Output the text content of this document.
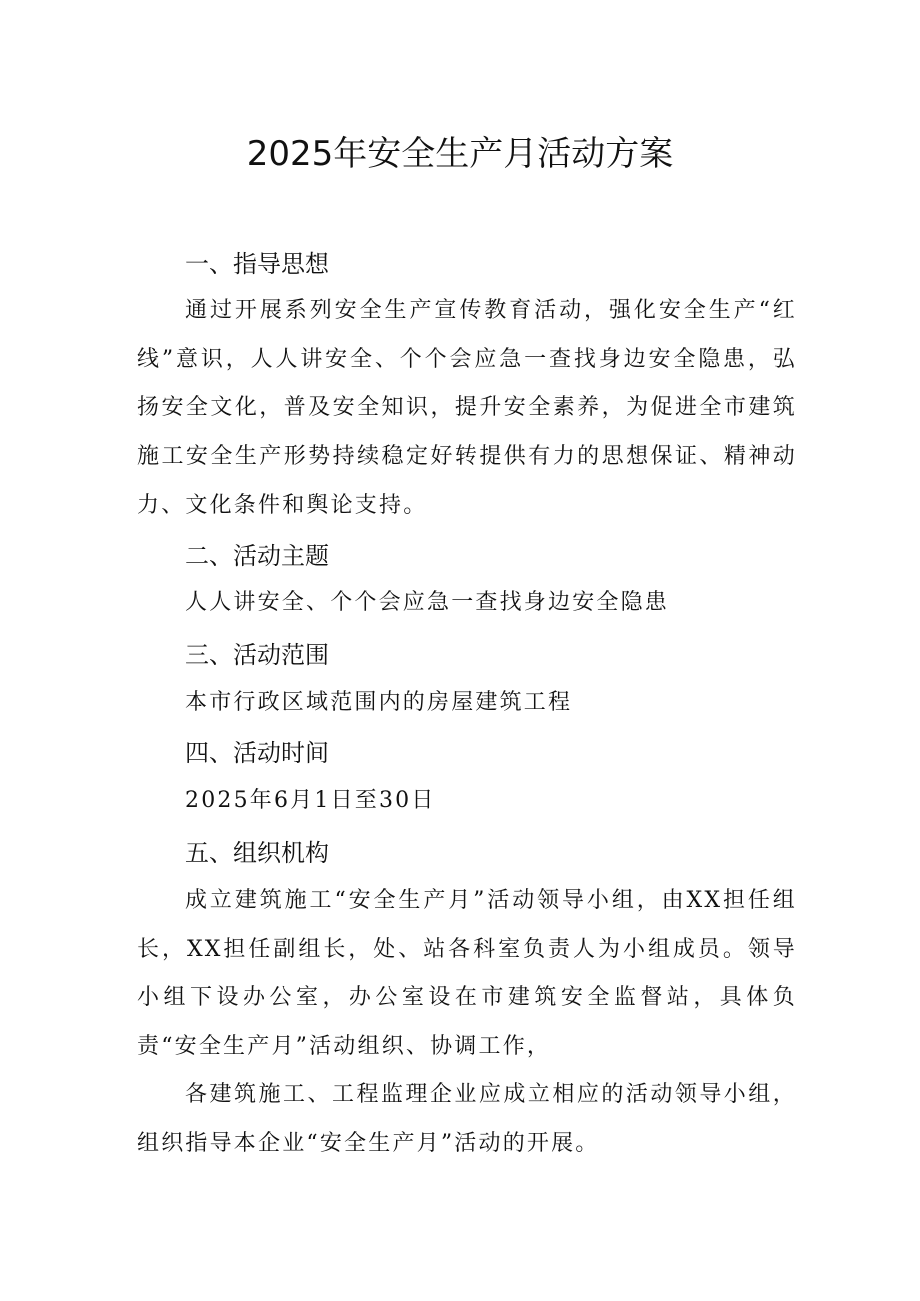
2025年安全生产月活动方案
一、指导思想
通过开展系列安全生产宣传教育活动，强化安全生产“红线”意识，人人讲安全、个个会应急一查找身边安全隐患，弘扬安全文化，普及安全知识，提升安全素养，为促进全市建筑施工安全生产形势持续稳定好转提供有力的思想保证、精神动力、文化条件和舆论支持。
二、活动主题
人人讲安全、个个会应急一查找身边安全隐患
三、活动范围
本市行政区域范围内的房屋建筑工程
四、活动时间
2025年6月1日至30日
五、组织机构
成立建筑施工“安全生产月”活动领导小组，由XX担任组长，XX担任副组长，处、站各科室负责人为小组成员。领导小组下设办公室，办公室设在市建筑安全监督站，具体负责“安全生产月”活动组织、协调工作，
各建筑施工、工程监理企业应成立相应的活动领导小组，组织指导本企业“安全生产月”活动的开展。
